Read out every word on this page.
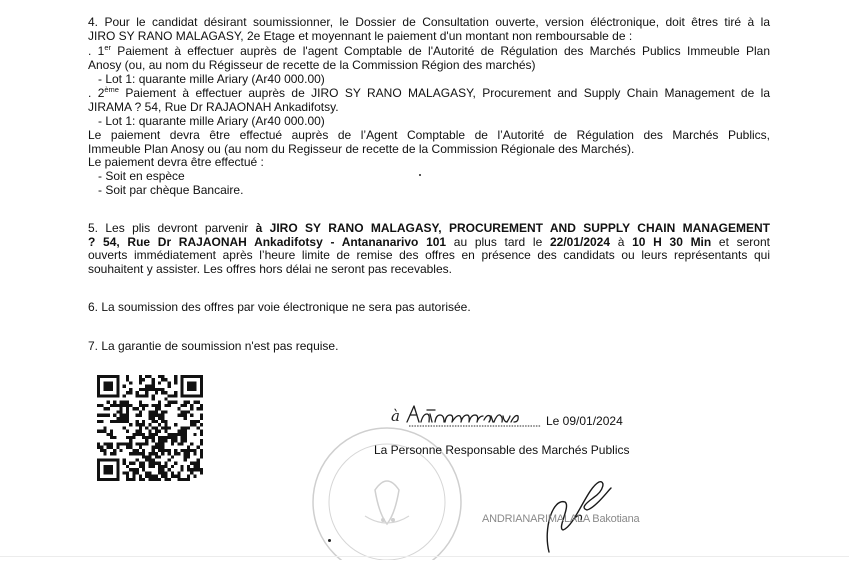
4. Pour le candidat désirant soumissionner, le Dossier de Consultation ouverte, version éléctronique, doit êtres tiré à la
JIRO SY RANO MALAGASY, 2e Etage et moyennant le paiement d'un montant non remboursable de :
. 1er Paiement à effectuer auprès de l'agent Comptable de l'Autorité de Régulation des Marchés Publics Immeuble Plan
Anosy (ou, au nom du Régisseur de recette de la Commission Région des marchés)
- Lot 1: quarante mille Ariary (Ar40 000.00)
. 2ème Paiement à effectuer auprès de JIRO SY RANO MALAGASY, Procurement and Supply Chain Management de la
JIRAMA ? 54, Rue Dr RAJAONAH Ankadifotsy.
- Lot 1: quarante mille Ariary (Ar40 000.00)
Le paiement devra être effectué auprès de l’Agent Comptable de l’Autorité de Régulation des Marchés Publics,
Immeuble Plan Anosy ou (au nom du Regisseur de recette de la Commission Régionale des Marchés).
Le paiement devra être effectué :
- Soit en espèce
- Soit par chèque Bancaire.
5. Les plis devront parvenir à JIRO SY RANO MALAGASY, PROCUREMENT AND SUPPLY CHAIN MANAGEMENT
? 54, Rue Dr RAJAONAH Ankadifotsy - Antananarivo 101 au plus tard le 22/01/2024 à 10 H 30 Min et seront
ouverts immédiatement après l’heure limite de remise des offres en présence des candidats ou leurs représentants qui
souhaitent y assister. Les offres hors délai ne seront pas recevables.
6. La soumission des offres par voie électronique ne sera pas autorisée.
7. La garantie de soumission n'est pas requise.
à	Le 09/01/2024
La Personne Responsable des Marchés Publics
ANDRIANARIMALALA Bakotiana
